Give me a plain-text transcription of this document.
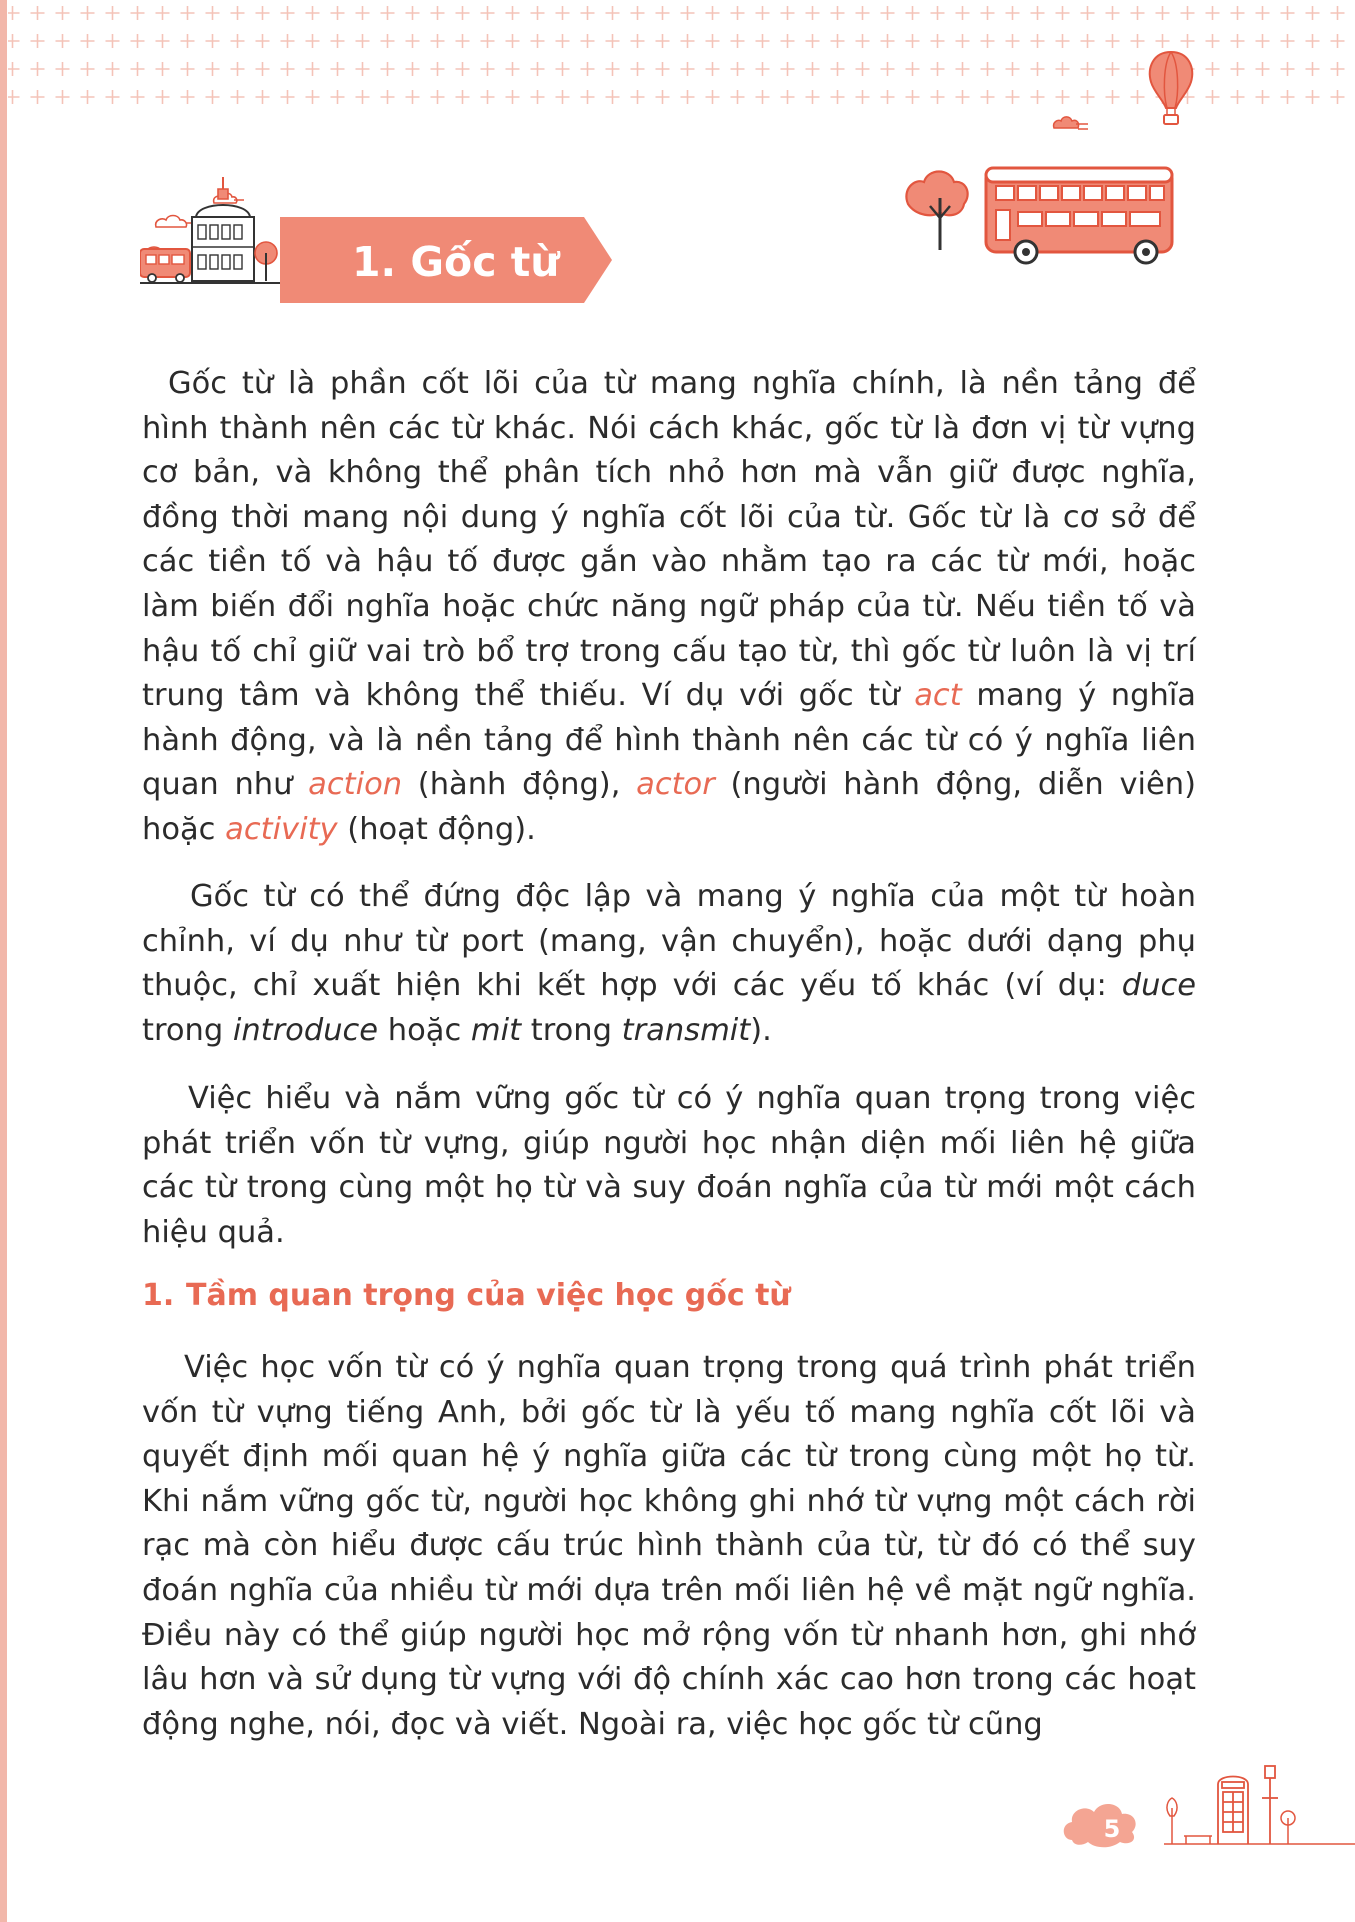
1. Gốc từ

Gốc từ là phần cốt lõi của từ mang nghĩa chính, là nền tảng để hình thành nên các từ khác. Nói cách khác, gốc từ là đơn vị từ vựng cơ bản, và không thể phân tích nhỏ hơn mà vẫn giữ được nghĩa, đồng thời mang nội dung ý nghĩa cốt lõi của từ. Gốc từ là cơ sở để các tiền tố và hậu tố được gắn vào nhằm tạo ra các từ mới, hoặc làm biến đổi nghĩa hoặc chức năng ngữ pháp của từ. Nếu tiền tố và hậu tố chỉ giữ vai trò bổ trợ trong cấu tạo từ, thì gốc từ luôn là vị trí trung tâm và không thể thiếu. Ví dụ với gốc từ act mang ý nghĩa hành động, và là nền tảng để hình thành nên các từ có ý nghĩa liên quan như action (hành động), actor (người hành động, diễn viên) hoặc activity (hoạt động).

Gốc từ có thể đứng độc lập và mang ý nghĩa của một từ hoàn chỉnh, ví dụ như từ port (mang, vận chuyển), hoặc dưới dạng phụ thuộc, chỉ xuất hiện khi kết hợp với các yếu tố khác (ví dụ: duce trong introduce hoặc mit trong transmit).

Việc hiểu và nắm vững gốc từ có ý nghĩa quan trọng trong việc phát triển vốn từ vựng, giúp người học nhận diện mối liên hệ giữa các từ trong cùng một họ từ và suy đoán nghĩa của từ mới một cách hiệu quả.

1. Tầm quan trọng của việc học gốc từ

Việc học vốn từ có ý nghĩa quan trọng trong quá trình phát triển vốn từ vựng tiếng Anh, bởi gốc từ là yếu tố mang nghĩa cốt lõi và quyết định mối quan hệ ý nghĩa giữa các từ trong cùng một họ từ. Khi nắm vững gốc từ, người học không ghi nhớ từ vựng một cách rời rạc mà còn hiểu được cấu trúc hình thành của từ, từ đó có thể suy đoán nghĩa của nhiều từ mới dựa trên mối liên hệ về mặt ngữ nghĩa. Điều này có thể giúp người học mở rộng vốn từ nhanh hơn, ghi nhớ lâu hơn và sử dụng từ vựng với độ chính xác cao hơn trong các hoạt động nghe, nói, đọc và viết. Ngoài ra, việc học gốc từ cũng

5
